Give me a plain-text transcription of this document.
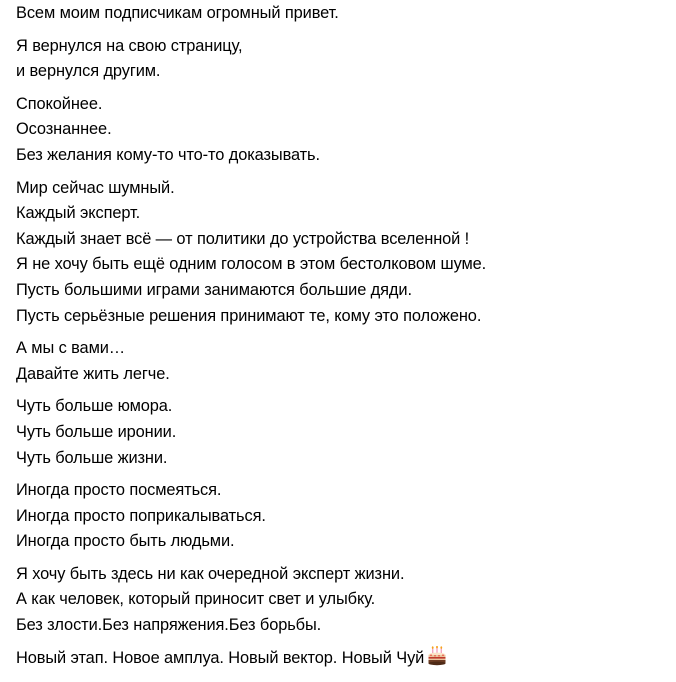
Всем моим подписчикам огромный привет.

Я вернулся на свою страницу,
и вернулся другим.

Спокойнее.
Осознаннее.
Без желания кому-то что-то доказывать.

Мир сейчас шумный.
Каждый эксперт.
Каждый знает всё — от политики до устройства вселенной !
Я не хочу быть ещё одним голосом в этом бестолковом шуме.
Пусть большими играми занимаются большие дяди.
Пусть серьёзные решения принимают те, кому это положено.

А мы с вами…
Давайте жить легче.

Чуть больше юмора.
Чуть больше иронии.
Чуть больше жизни.

Иногда просто посмеяться.
Иногда просто поприкалываться.
Иногда просто быть людьми.

Я хочу быть здесь ни как очередной эксперт жизни.
А как человек, который приносит свет и улыбку.
Без злости.Без напряжения.Без борьбы.

Новый этап. Новое амплуа. Новый вектор. Новый Чуй
